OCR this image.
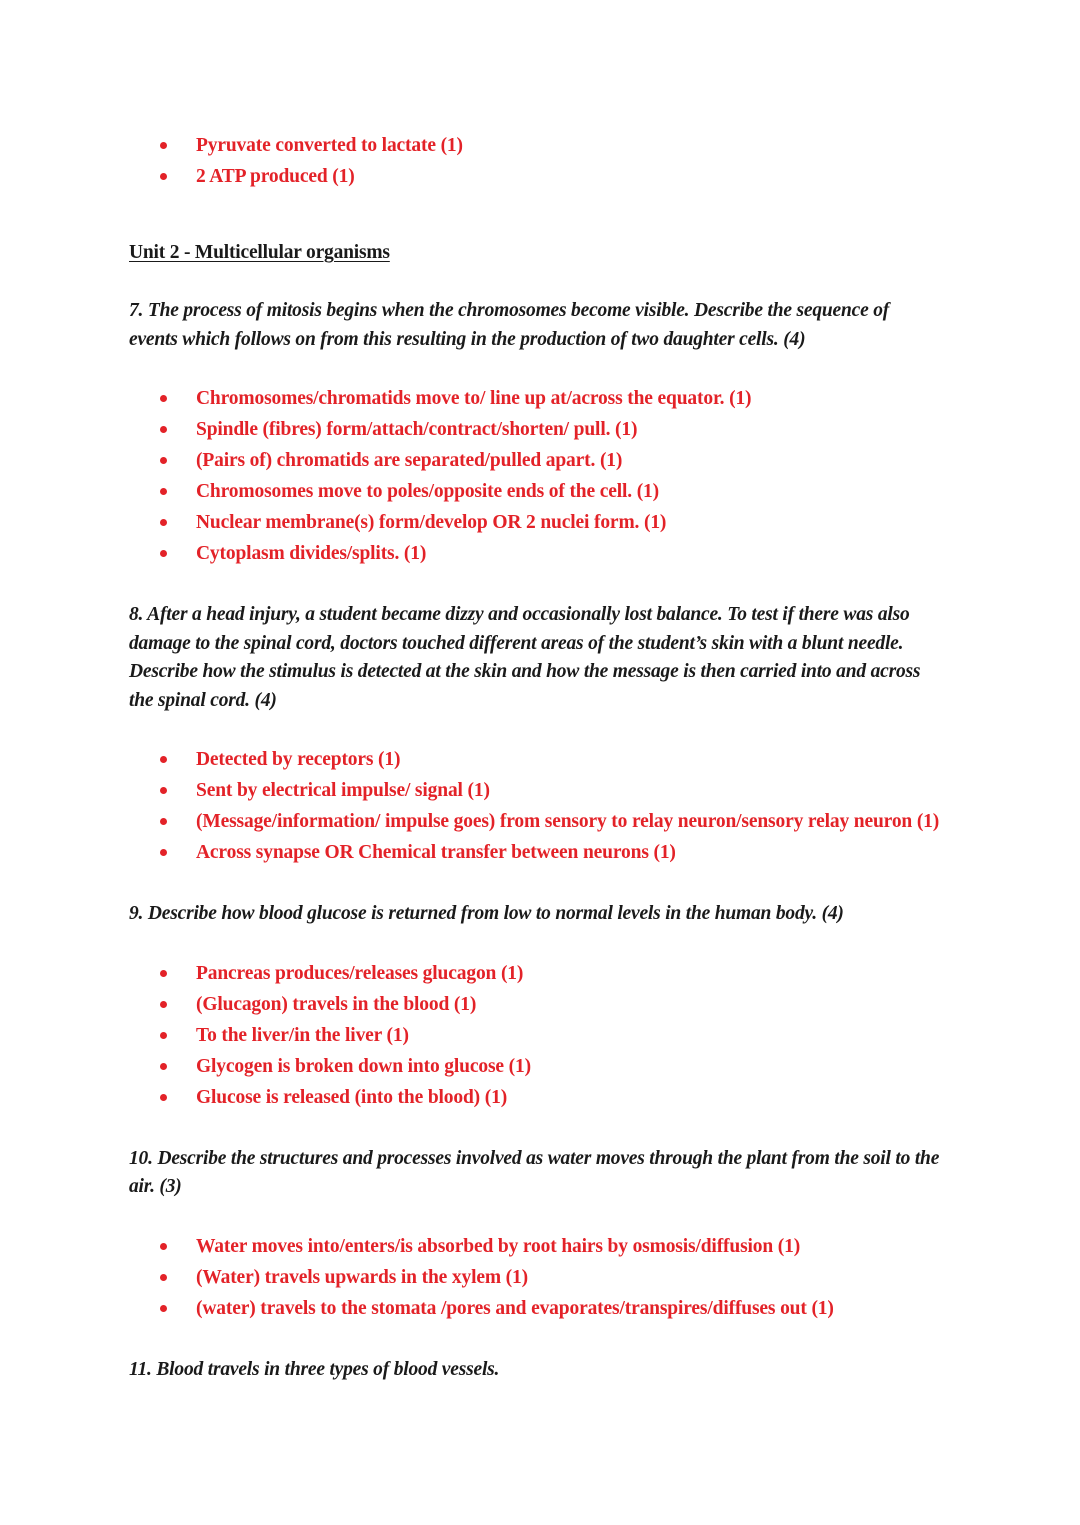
Pyruvate converted to lactate (1)
2 ATP produced (1)
Unit 2 - Multicellular organisms

7. The process of mitosis begins when the chromosomes become visible. Describe the sequence of events which follows on from this resulting in the production of two daughter cells. (4)

Chromosomes/chromatids move to/ line up at/across the equator. (1)
Spindle (fibres) form/attach/contract/shorten/ pull. (1)
(Pairs of) chromatids are separated/pulled apart. (1)
Chromosomes move to poles/opposite ends of the cell. (1)
Nuclear membrane(s) form/develop OR 2 nuclei form. (1)
Cytoplasm divides/splits. (1)

8. After a head injury, a student became dizzy and occasionally lost balance. To test if there was also damage to the spinal cord, doctors touched different areas of the student’s skin with a blunt needle. Describe how the stimulus is detected at the skin and how the message is then carried into and across the spinal cord. (4)

Detected by receptors (1)
Sent by electrical impulse/ signal (1)
(Message/information/ impulse goes) from sensory to relay neuron/sensory relay neuron (1)
Across synapse OR Chemical transfer between neurons (1)

9. Describe how blood glucose is returned from low to normal levels in the human body. (4)

Pancreas produces/releases glucagon (1)
(Glucagon) travels in the blood (1)
To the liver/in the liver (1)
Glycogen is broken down into glucose (1)
Glucose is released (into the blood) (1)

10. Describe the structures and processes involved as water moves through the plant from the soil to the air. (3)

Water moves into/enters/is absorbed by root hairs by osmosis/diffusion (1)
(Water) travels upwards in the xylem (1)
(water) travels to the stomata /pores and evaporates/transpires/diffuses out (1)

11. Blood travels in three types of blood vessels.
